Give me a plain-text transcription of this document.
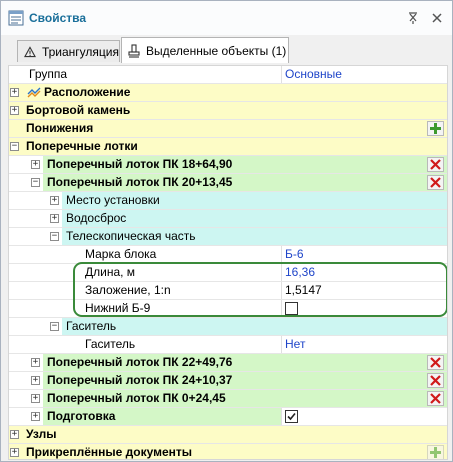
Свойства
Триангуляция Выделенные объекты (1)
Группа	Основные
+ Расположение
+ Бортовой камень
Понижения
− Поперечные лотки
+ Поперечный лоток ПК 18+64,90
− Поперечный лоток ПК 20+13,45
+ Место установки
+ Водосброс
− Телескопическая часть
Марка блока	Б-6
Длина, м	16,36
Заложение, 1:n	1,5147
Нижний Б-9
− Гаситель
Гаситель	Нет
+ Поперечный лоток ПК 22+49,76
+ Поперечный лоток ПК 24+10,37
+ Поперечный лоток ПК 0+24,45
+ Подготовка
+ Узлы
+ Прикреплённые документы
